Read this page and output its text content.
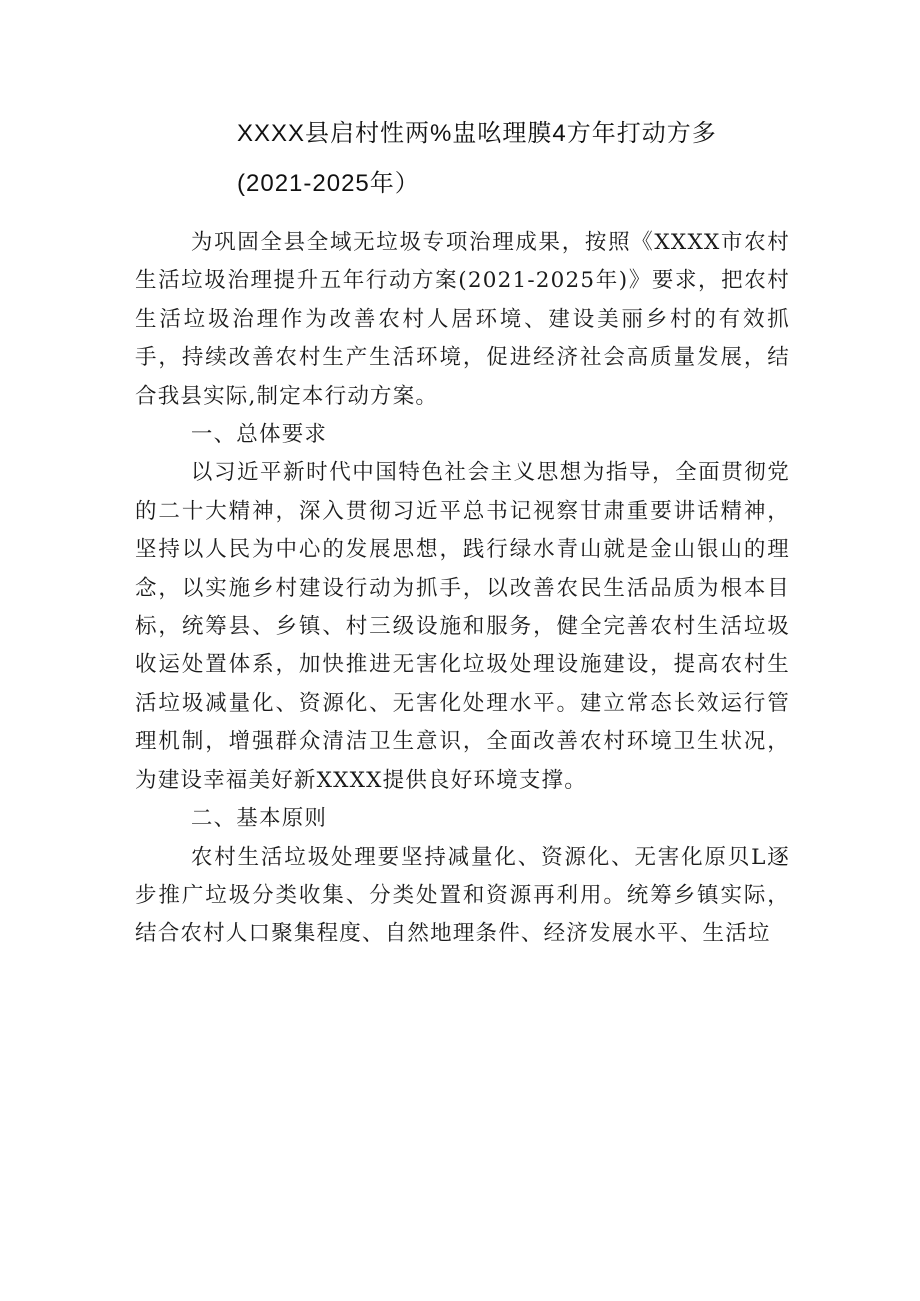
XXXX县启村性两%盅吆理膜4方年打动方多
(2021-2025年）

为巩固全县全域无垃圾专项治理成果，按照《XXXX市农村生活垃圾治理提升五年行动方案(2021-2025年)》要求，把农村生活垃圾治理作为改善农村人居环境、建设美丽乡村的有效抓手，持续改善农村生产生活环境，促进经济社会高质量发展，结合我县实际,制定本行动方案。

一、总体要求

以习近平新时代中国特色社会主义思想为指导，全面贯彻党的二十大精神，深入贯彻习近平总书记视察甘肃重要讲话精神，坚持以人民为中心的发展思想，践行绿水青山就是金山银山的理念，以实施乡村建设行动为抓手，以改善农民生活品质为根本目标，统筹县、乡镇、村三级设施和服务，健全完善农村生活垃圾收运处置体系，加快推进无害化垃圾处理设施建设，提高农村生活垃圾减量化、资源化、无害化处理水平。建立常态长效运行管理机制，增强群众清洁卫生意识，全面改善农村环境卫生状况，为建设幸福美好新XXXX提供良好环境支撑。

二、基本原则

农村生活垃圾处理要坚持减量化、资源化、无害化原贝L逐步推广垃圾分类收集、分类处置和资源再利用。统筹乡镇实际，结合农村人口聚集程度、自然地理条件、经济发展水平、生活垃
